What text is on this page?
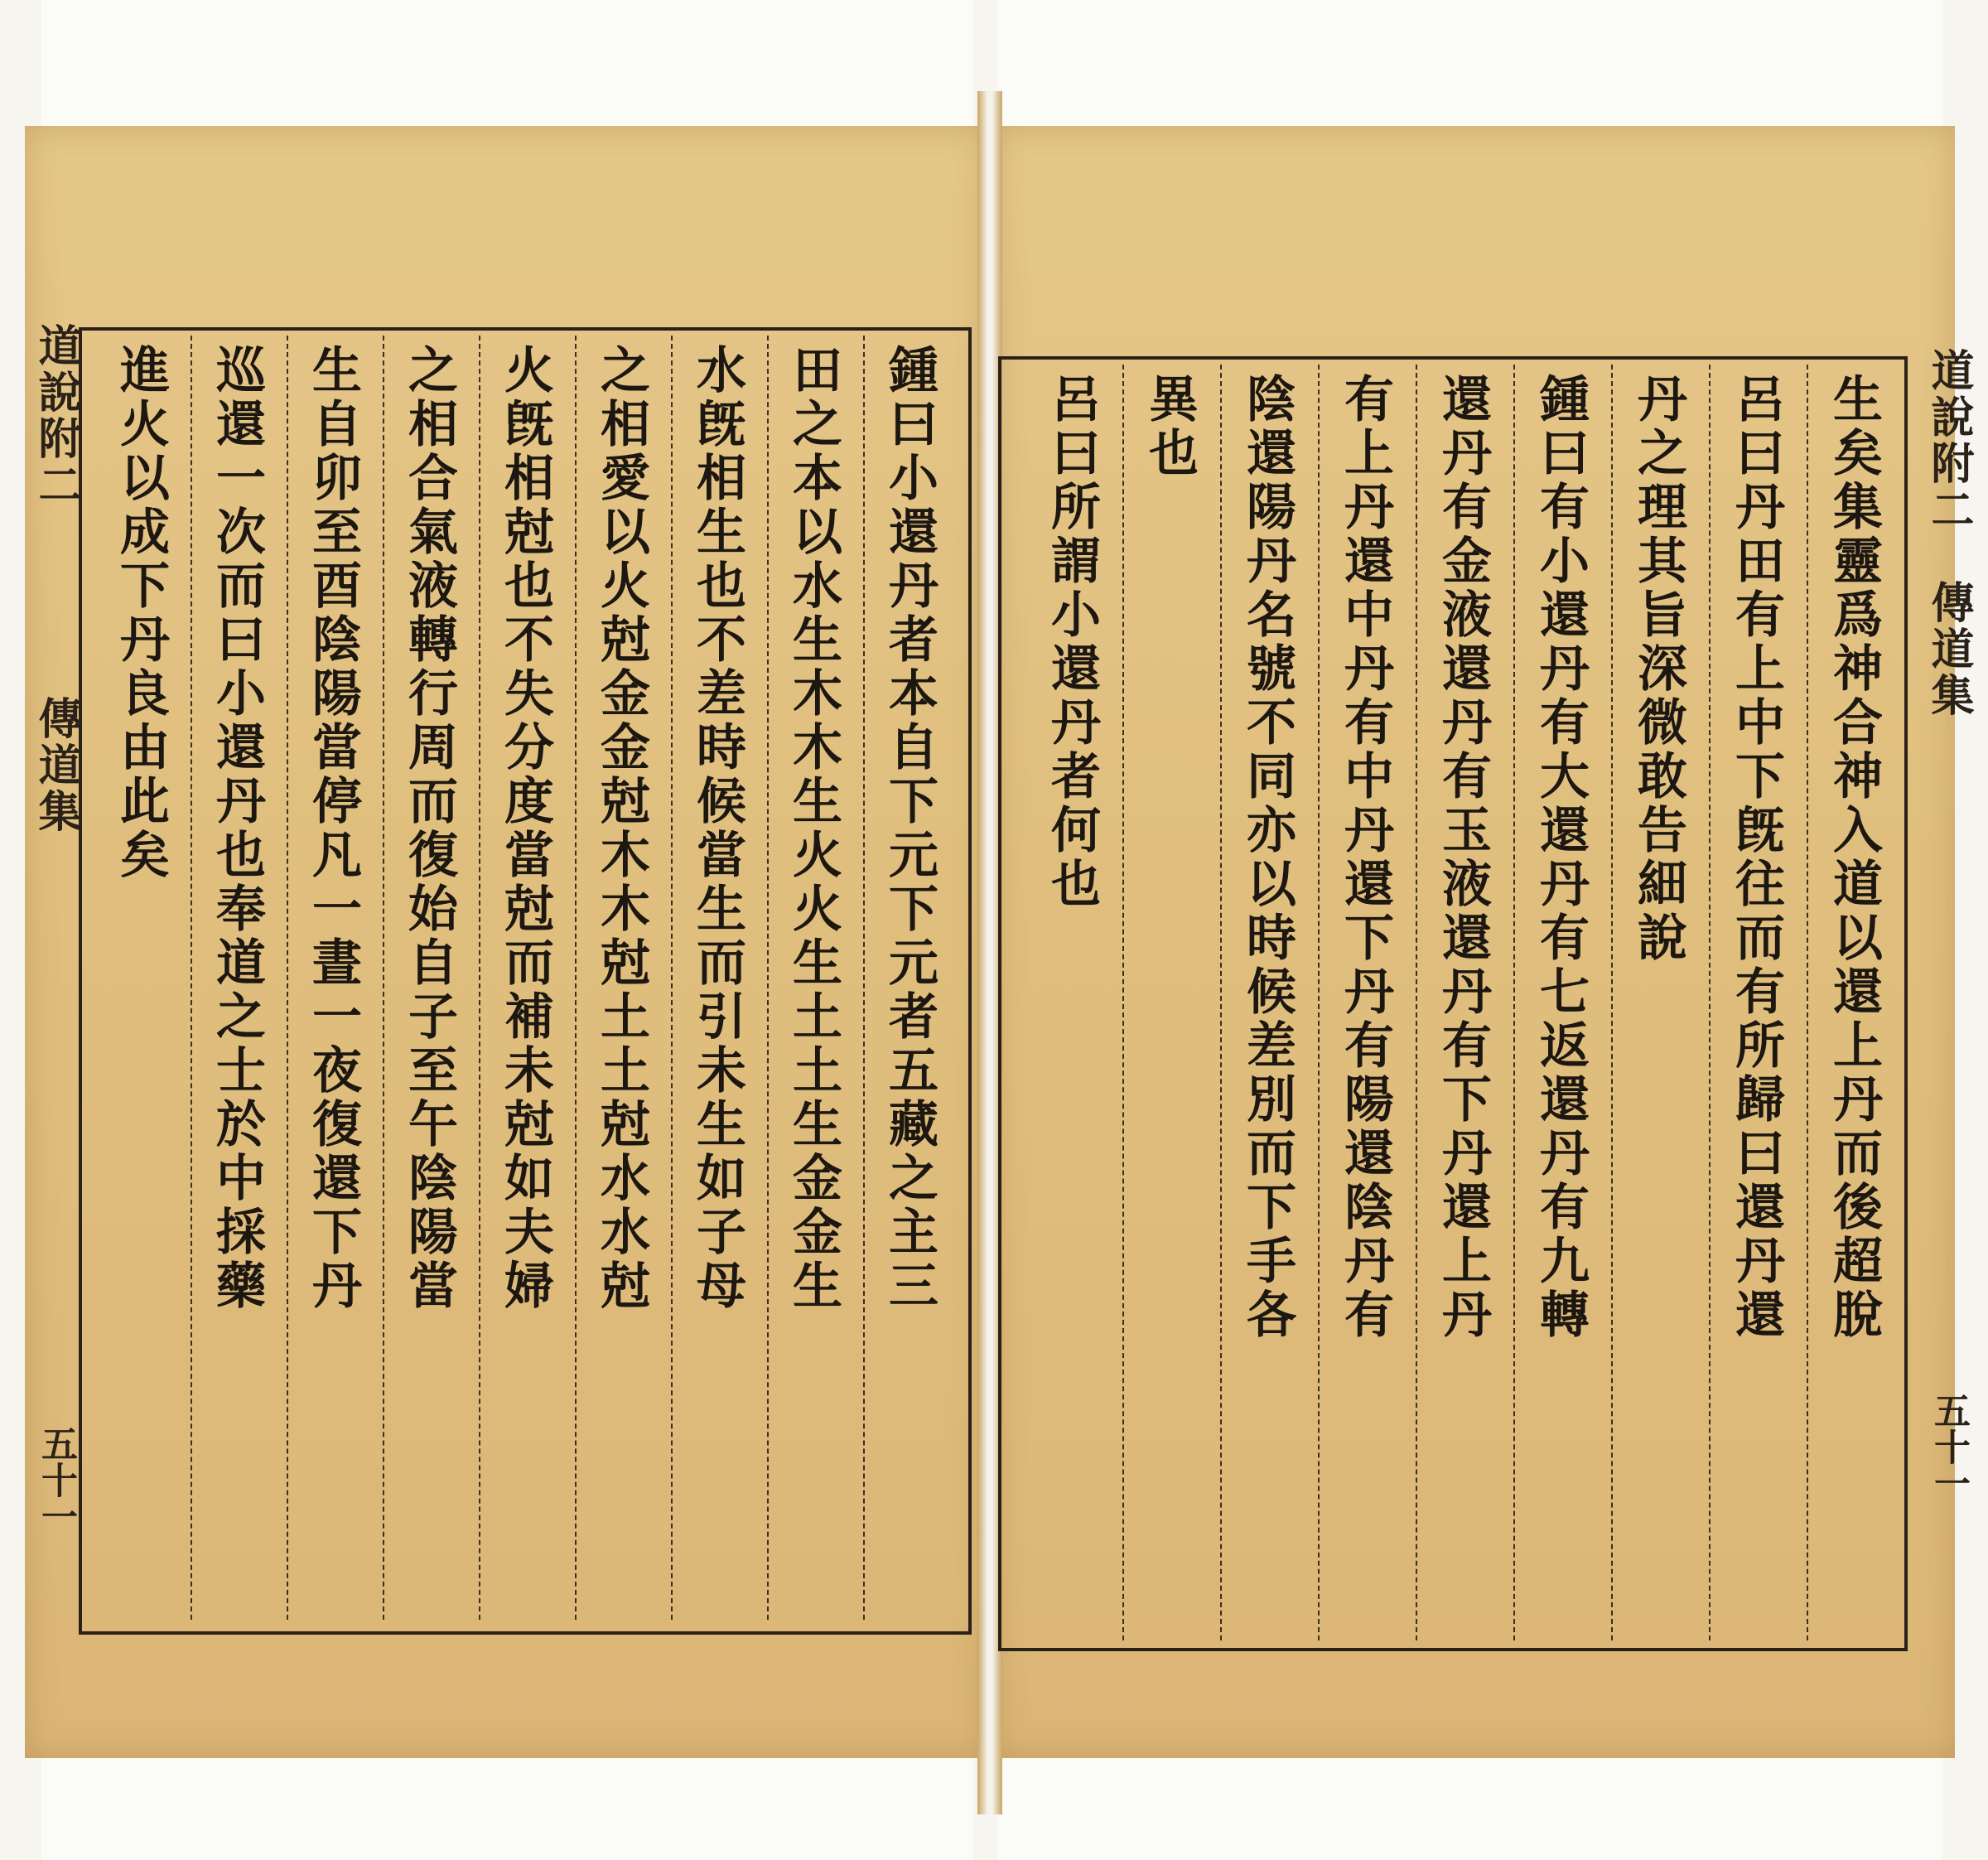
道說附二
傳道集
五十一
生矣集靈爲神合神入道以還上丹而後超脫
呂曰丹田有上中下旣往而有所歸曰還丹還
丹之理其旨深微敢告細說
鍾曰有小還丹有大還丹有七返還丹有九轉
還丹有金液還丹有玉液還丹有下丹還上丹
有上丹還中丹有中丹還下丹有陽還陰丹有
陰還陽丹名號不同亦以時候差別而下手各
異也
呂曰所謂小還丹者何也
道說附二
傳道集
五十一
鍾曰小還丹者本自下元下元者五藏之主三
田之本以水生木木生火火生土土生金金生
水旣相生也不差時候當生而引未生如子母
之相愛以火尅金金尅木木尅土土尅水水尅
火旣相尅也不失分度當尅而補未尅如夫婦
之相合氣液轉行周而復始自子至午陰陽當
生自卯至酉陰陽當停凡一晝一夜復還下丹
巡還一次而曰小還丹也奉道之士於中採藥
進火以成下丹良由此矣
